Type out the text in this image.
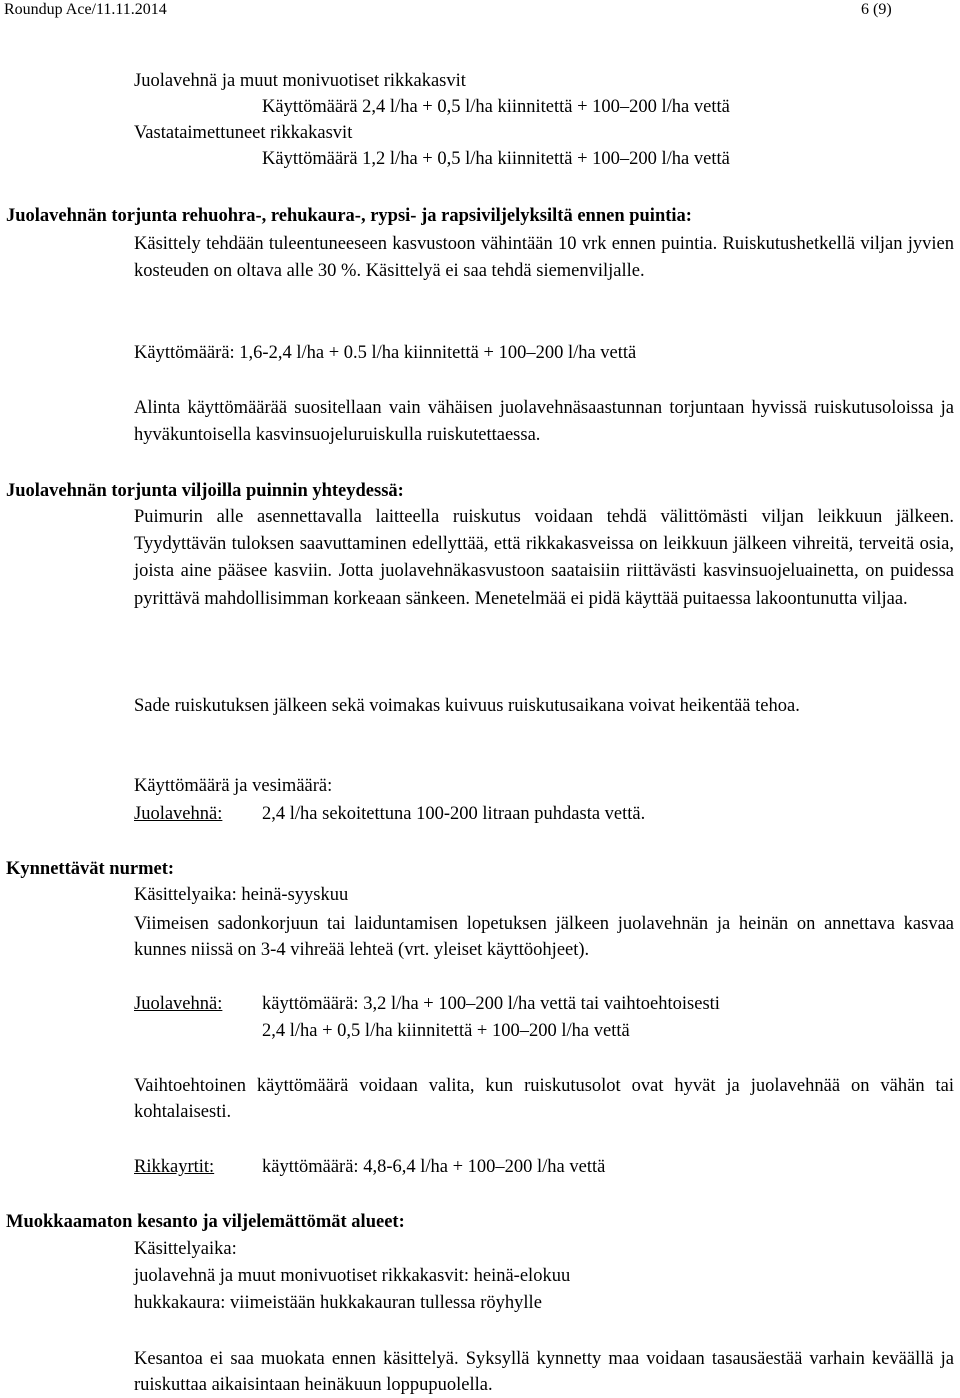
Roundup Ace/11.11.2014	6 (9)
Juolavehnä ja muut monivuotiset rikkakasvit
Käyttömäärä 2,4 l/ha + 0,5 l/ha kiinnitettä + 100–200 l/ha vettä
Vastataimettuneet rikkakasvit
Käyttömäärä 1,2 l/ha + 0,5 l/ha kiinnitettä + 100–200 l/ha vettä
Juolavehnän torjunta rehuohra-, rehukaura-, rypsi- ja rapsiviljelyksiltä ennen puintia:
Käsittely tehdään tuleentuneeseen kasvustoon vähintään 10 vrk ennen puintia. Ruiskutushetkellä viljan jyvien kosteuden on oltava alle 30 %. Käsittelyä ei saa tehdä siemenviljalle.
Käyttömäärä: 1,6-2,4 l/ha + 0.5 l/ha kiinnitettä + 100–200 l/ha vettä
Alinta käyttömäärää suositellaan vain vähäisen juolavehnäsaastunnan torjuntaan hyvissä ruiskutusoloissa ja hyväkuntoisella kasvinsuojeluruiskulla ruiskutettaessa.
Juolavehnän torjunta viljoilla puinnin yhteydessä:
Puimurin alle asennettavalla laitteella ruiskutus voidaan tehdä välittömästi viljan leikkuun jälkeen. Tyydyttävän tuloksen saavuttaminen edellyttää, että rikkakasveissa on leikkuun jälkeen vihreitä, terveitä osia, joista aine pääsee kasviin. Jotta juolavehnäkasvustoon saataisiin riittävästi kasvinsuojeluainetta, on puidessa pyrittävä mahdollisimman korkeaan sänkeen. Menetelmää ei pidä käyttää puitaessa lakoontunutta viljaa.
Sade ruiskutuksen jälkeen sekä voimakas kuivuus ruiskutusaikana voivat heikentää tehoa.
Käyttömäärä ja vesimäärä:
Juolavehnä: 2,4 l/ha sekoitettuna 100-200 litraan puhdasta vettä.
Kynnettävät nurmet:
Käsittelyaika: heinä-syyskuu
Viimeisen sadonkorjuun tai laiduntamisen lopetuksen jälkeen juolavehnän ja heinän on annettava kasvaa kunnes niissä on 3-4 vihreää lehteä (vrt. yleiset käyttöohjeet).
Juolavehnä: käyttömäärä: 3,2 l/ha + 100–200 l/ha vettä tai vaihtoehtoisesti
2,4 l/ha + 0,5 l/ha kiinnitettä + 100–200 l/ha vettä
Vaihtoehtoinen käyttömäärä voidaan valita, kun ruiskutusolot ovat hyvät ja juolavehnää on vähän tai kohtalaisesti.
Rikkayrtit:	käyttömäärä: 4,8-6,4 l/ha + 100–200 l/ha vettä
Muokkaamaton kesanto ja viljelemättömät alueet:
Käsittelyaika:
juolavehnä ja muut monivuotiset rikkakasvit: heinä-elokuu
hukkakaura: viimeistään hukkakauran tullessa röyhylle
Kesantoa ei saa muokata ennen käsittelyä. Syksyllä kynnetty maa voidaan tasausäestää varhain keväällä ja ruiskuttaa aikaisintaan heinäkuun loppupuolella.
